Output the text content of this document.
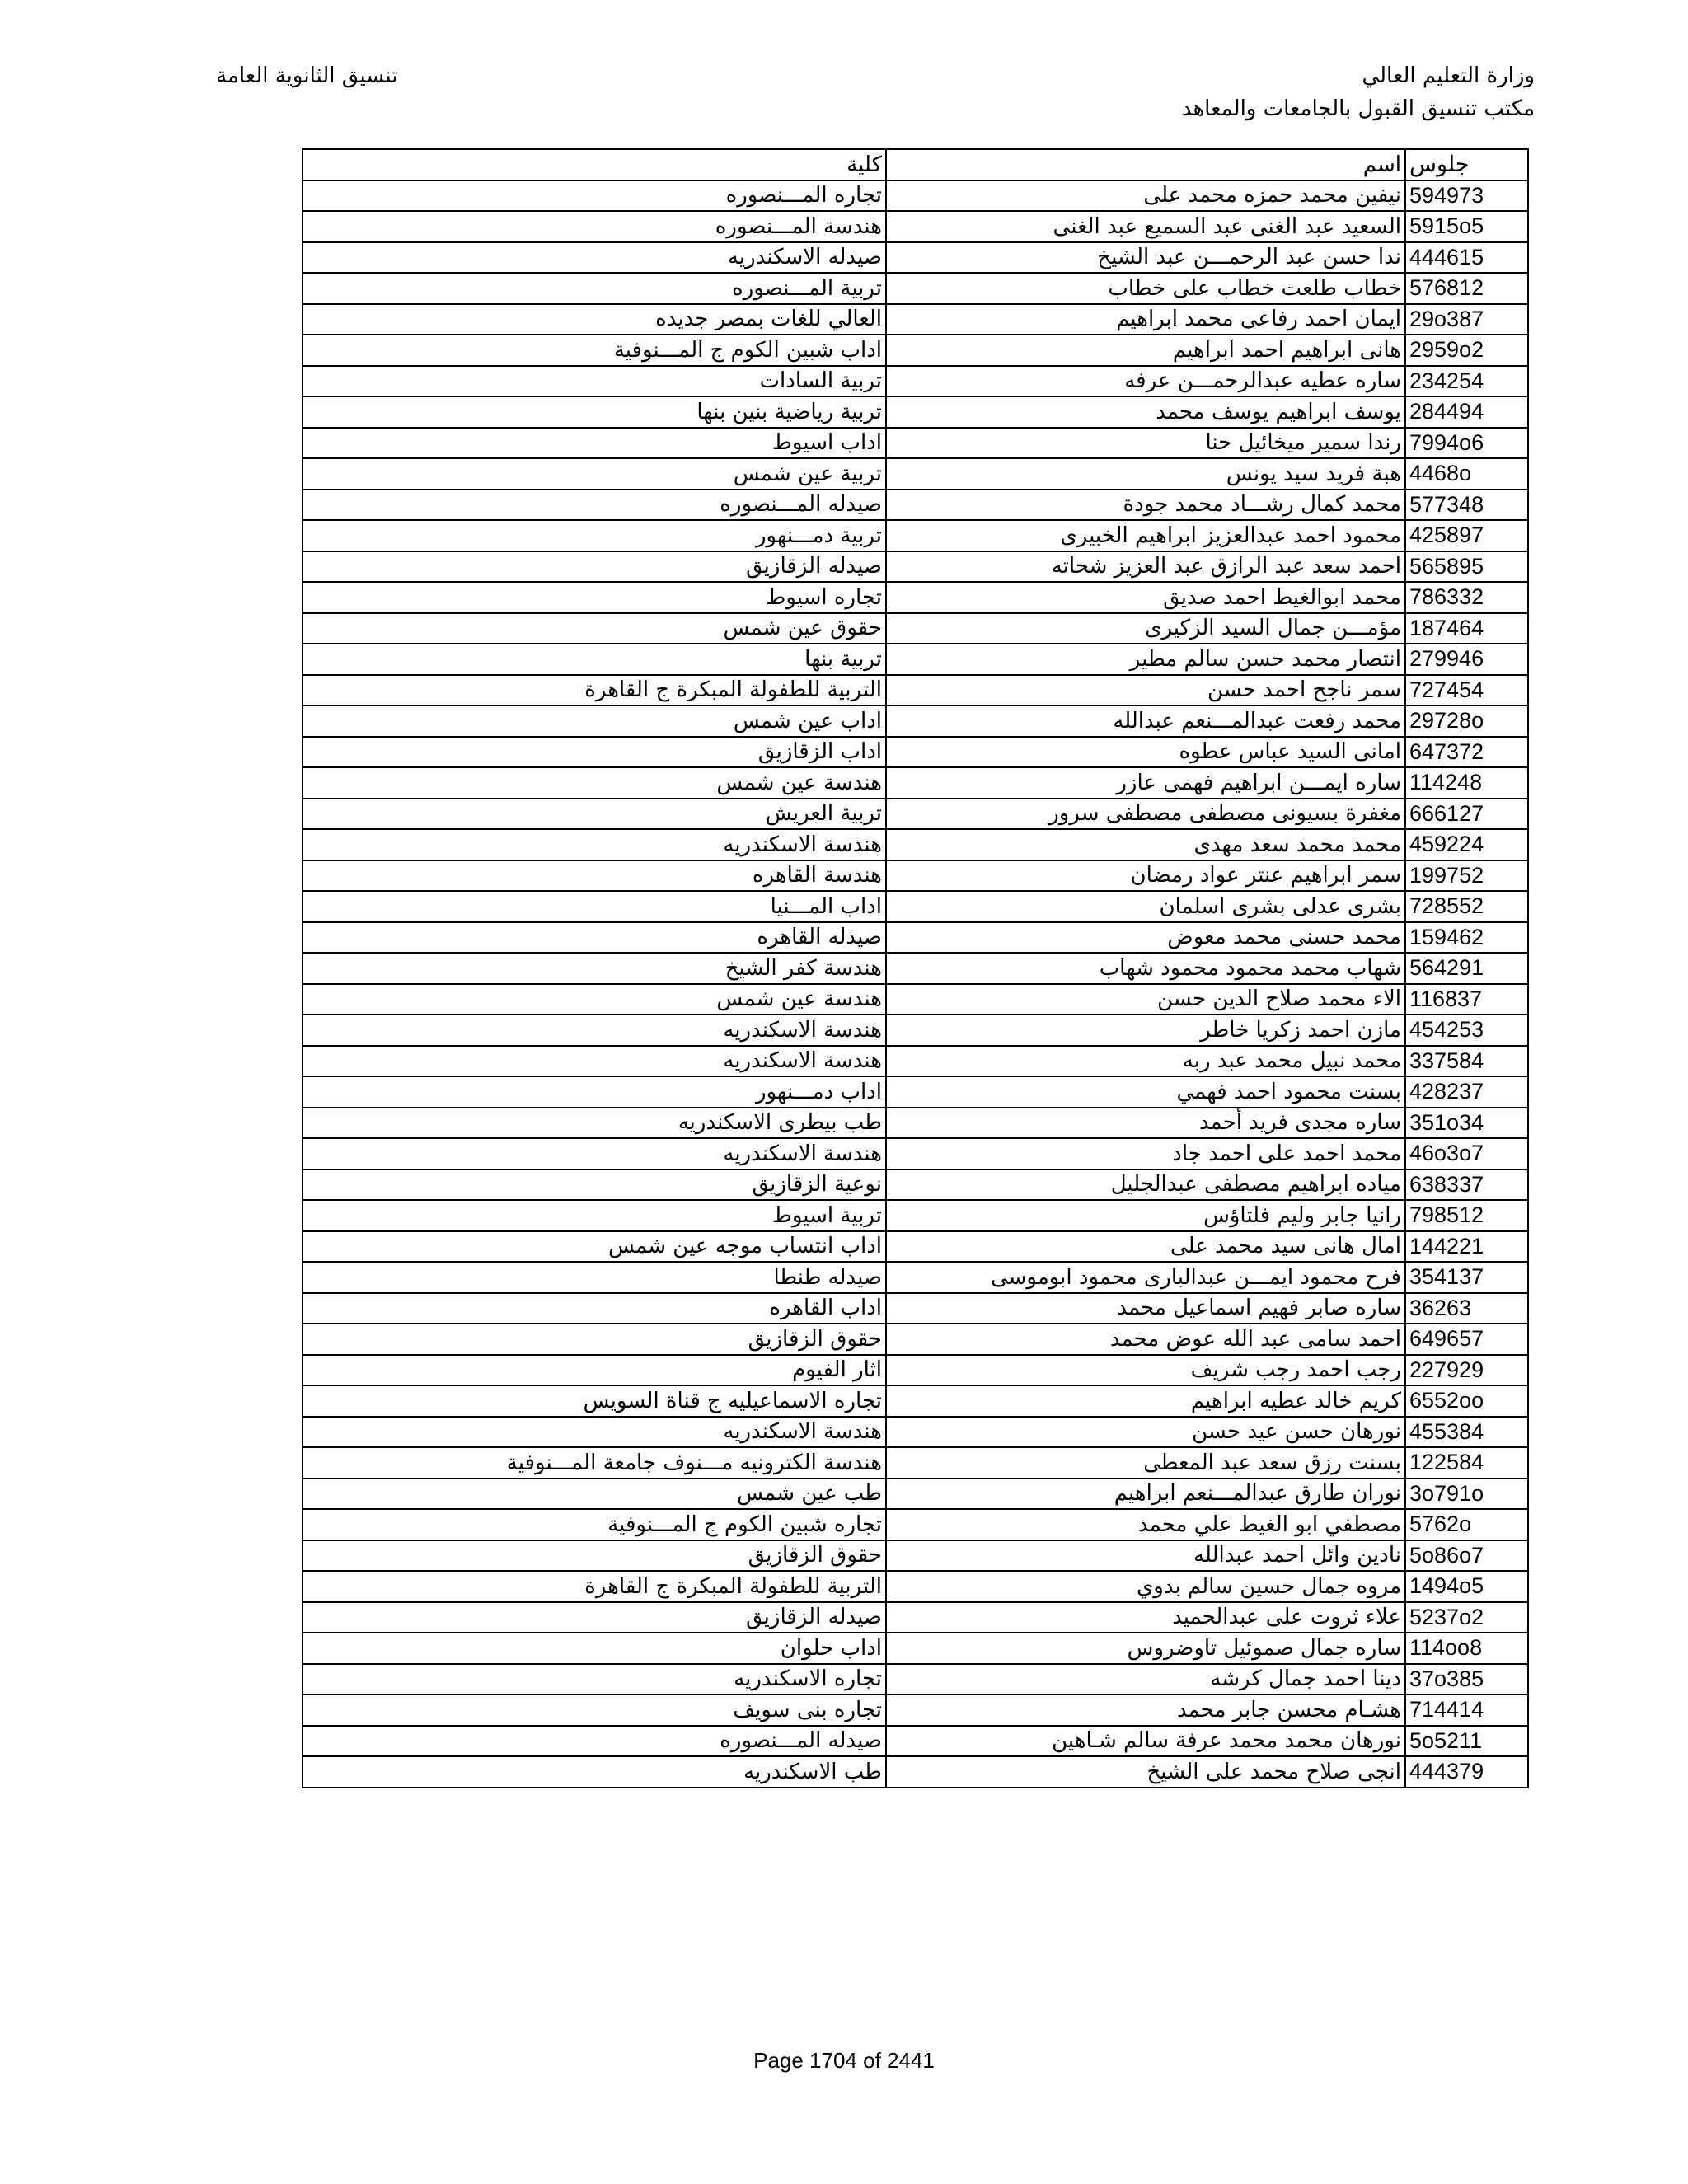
وزارة التعليم العالي
مكتب تنسيق القبول بالجامعات والمعاهد
تنسيق الثانوية العامة
كلية	اسم	جلوس
تجاره المـــنصوره	نيفين محمد حمزه محمد على	594973
هندسة المـــنصوره	السعيد عبد الغنى عبد السميع عبد الغنى	5915o5
صيدله الاسكندريه	ندا حسن عبد الرحمـــن عبد الشيخ	444615
تربية المـــنصوره	خطاب طلعت خطاب على خطاب	576812
العالي للغات بمصر جديده	ايمان احمد رفاعى محمد ابراهيم	29o387
اداب شبين الكوم ج المـــنوفية	هانى ابراهيم احمد ابراهيم	2959o2
تربية السادات	ساره عطيه عبدالرحمـــن عرفه	234254
تربية رياضية بنين بنها	يوسف ابراهيم يوسف محمد	284494
اداب اسيوط	رندا سمير ميخائيل حنا	7994o6
تربية عين شمس	هبة فريد سيد يونس	4468o
صيدله المـــنصوره	محمد كمال رشـــاد محمد جودة	577348
تربية دمـــنهور	محمود احمد عبدالعزيز ابراهيم الخبيرى	425897
صيدله الزقازيق	احمد سعد عبد الرازق عبد العزيز شحاته	565895
تجاره اسيوط	محمد ابوالغيط احمد صديق	786332
حقوق عين شمس	مؤمـــن جمال السيد الزكيرى	187464
تربية بنها	انتصار محمد حسن سالم مطير	279946
التربية للطفولة المبكرة ج القاهرة	سمر ناجح احمد حسن	727454
اداب عين شمس	محمد رفعت عبدالمـــنعم عبدالله	29728o
اداب الزقازيق	امانى السيد عباس عطوه	647372
هندسة عين شمس	ساره ايمـــن ابراهيم فهمى عازر	114248
تربية العريش	مغفرة بسيونى مصطفى مصطفى سرور	666127
هندسة الاسكندريه	محمد محمد سعد مهدى	459224
هندسة القاهره	سمر ابراهيم عنتر عواد رمضان	199752
اداب المـــنيا	بشرى عدلى بشرى اسلمان	728552
صيدله القاهره	محمد حسنى محمد معوض	159462
هندسة كفر الشيخ	شهاب محمد محمود محمود شهاب	564291
هندسة عين شمس	الاء محمد صلاح الدين حسن	116837
هندسة الاسكندريه	مازن احمد زكريا خاطر	454253
هندسة الاسكندريه	محمد نبيل محمد عبد ربه	337584
اداب دمـــنهور	بسنت محمود احمد فهمي	428237
طب بيطرى الاسكندريه	ساره مجدى فريد أحمد	351o34
هندسة الاسكندريه	محمد احمد على احمد جاد	46o3o7
نوعية الزقازيق	مياده ابراهيم مصطفى عبدالجليل	638337
تربية اسيوط	رانيا جابر وليم فلتاؤس	798512
اداب انتساب موجه عين شمس	امال هانى سيد محمد على	144221
صيدله طنطا	فرح محمود ايمـــن عبدالبارى محمود ابوموسى	354137
اداب القاهره	ساره صابر فهيم اسماعيل محمد	36263
حقوق الزقازيق	احمد سامى عبد الله عوض محمد	649657
اثار الفيوم	رجب احمد رجب شريف	227929
تجاره الاسماعيليه ج قناة السويس	كريم خالد عطيه ابراهيم	6552oo
هندسة الاسكندريه	نورهان حسن عيد حسن	455384
هندسة الكترونيه مـــنوف جامعة المـــنوفية	بسنت رزق سعد عبد المعطى	122584
طب عين شمس	نوران طارق عبدالمـــنعم ابراهيم	3o791o
تجاره شبين الكوم ج المـــنوفية	مصطفي ابو الغيط علي محمد	5762o
حقوق الزقازيق	نادين وائل احمد عبدالله	5o86o7
التربية للطفولة المبكرة ج القاهرة	مروه جمال حسين سالم بدوي	1494o5
صيدله الزقازيق	علاء ثروت على عبدالحميد	5237o2
اداب حلوان	ساره جمال صموئيل تاوضروس	114oo8
تجاره الاسكندريه	دينا احمد جمال كرشه	37o385
تجاره بنى سويف	هشـام محسن جابر محمد	714414
صيدله المـــنصوره	نورهان محمد محمد عرفة سالم شـاهين	5o5211
طب الاسكندريه	انجى صلاح محمد على الشيخ	444379
Page 1704 of 2441
